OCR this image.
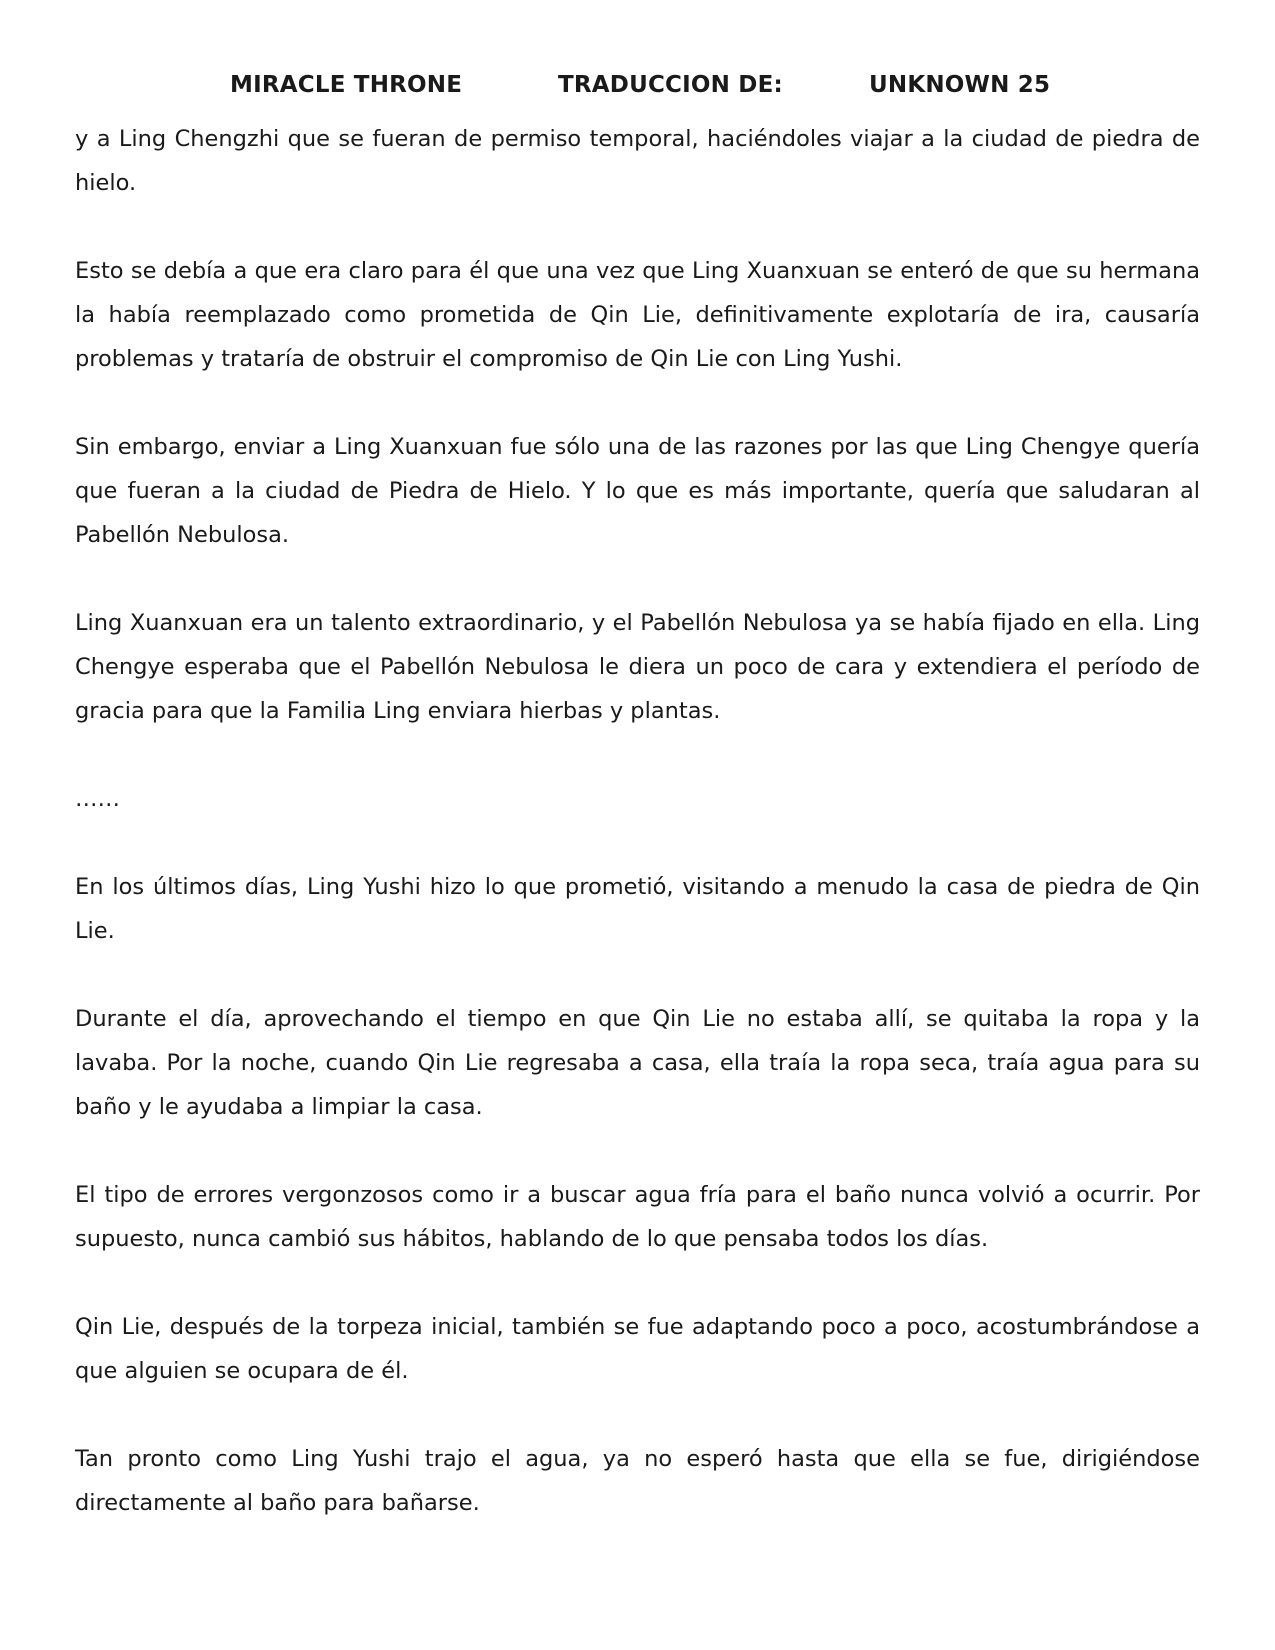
MIRACLE THRONE	TRADUCCION DE:	UNKNOWN 25

y a Ling Chengzhi que se fueran de permiso temporal, haciéndoles viajar a la ciudad de piedra de hielo.

Esto se debía a que era claro para él que una vez que Ling Xuanxuan se enteró de que su hermana la había reemplazado como prometida de Qin Lie, definitivamente explotaría de ira, causaría problemas y trataría de obstruir el compromiso de Qin Lie con Ling Yushi.

Sin embargo, enviar a Ling Xuanxuan fue sólo una de las razones por las que Ling Chengye quería que fueran a la ciudad de Piedra de Hielo. Y lo que es más importante, quería que saludaran al Pabellón Nebulosa.

Ling Xuanxuan era un talento extraordinario, y el Pabellón Nebulosa ya se había fijado en ella. Ling Chengye esperaba que el Pabellón Nebulosa le diera un poco de cara y extendiera el período de gracia para que la Familia Ling enviara hierbas y plantas.

……

En los últimos días, Ling Yushi hizo lo que prometió, visitando a menudo la casa de piedra de Qin Lie.

Durante el día, aprovechando el tiempo en que Qin Lie no estaba allí, se quitaba la ropa y la lavaba. Por la noche, cuando Qin Lie regresaba a casa, ella traía la ropa seca, traía agua para su baño y le ayudaba a limpiar la casa.

El tipo de errores vergonzosos como ir a buscar agua fría para el baño nunca volvió a ocurrir. Por supuesto, nunca cambió sus hábitos, hablando de lo que pensaba todos los días.

Qin Lie, después de la torpeza inicial, también se fue adaptando poco a poco, acostumbrándose a que alguien se ocupara de él.

Tan pronto como Ling Yushi trajo el agua, ya no esperó hasta que ella se fue, dirigiéndose directamente al baño para bañarse.
